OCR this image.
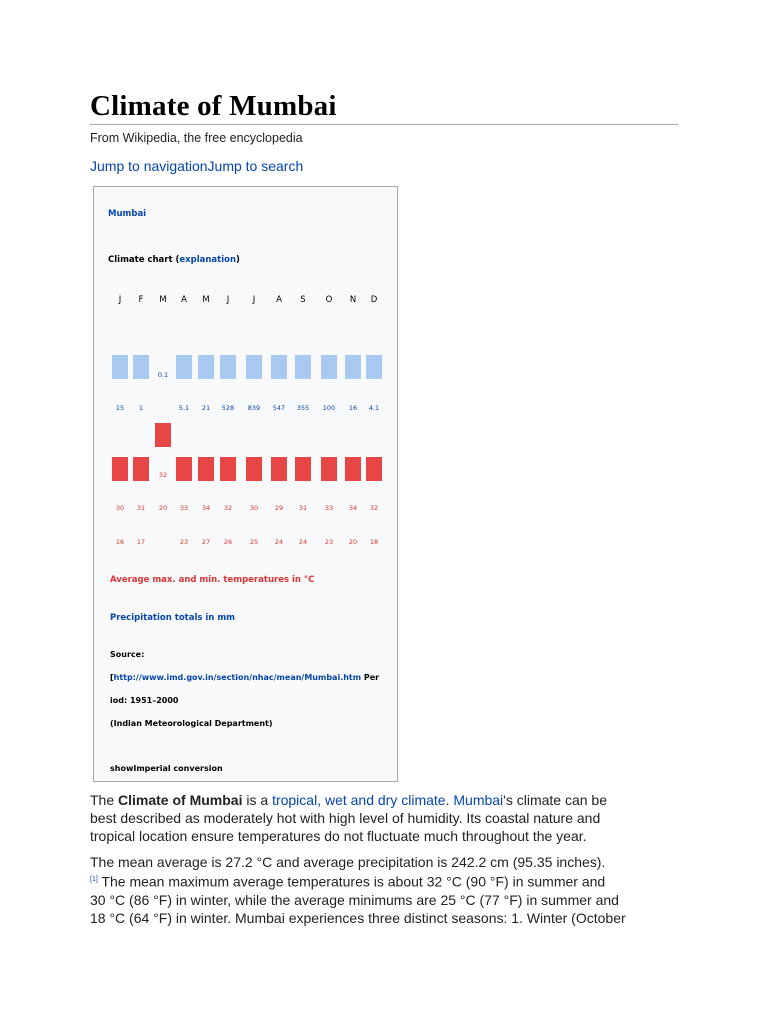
Climate of Mumbai
From Wikipedia, the free encyclopedia
Jump to navigationJump to search
Mumbai
Climate chart (explanation)
J
15
30
16
F
1
31
17
M
0.1
32
20
A
5.1
33
23
M
21
34
27
J
528
32
26
J
839
30
25
A
547
29
24
S
355
31
24
O
100
33
23
N
16
34
20
D
4.1
32
18
Average max. and min. temperatures in °C
Precipitation totals in mm
Source:
[http://www.imd.gov.in/section/nhac/mean/Mumbai.htm Per
iod: 1951–2000
(Indian Meteorological Department)
showImperial conversion
The Climate of Mumbai is a tropical, wet and dry climate. Mumbai's climate can be
best described as moderately hot with high level of humidity. Its coastal nature and
tropical location ensure temperatures do not fluctuate much throughout the year.
The mean average is 27.2 °C and average precipitation is 242.2 cm (95.35 inches).
[1] The mean maximum average temperatures is about 32 °C (90 °F) in summer and
30 °C (86 °F) in winter, while the average minimums are 25 °C (77 °F) in summer and
18 °C (64 °F) in winter. Mumbai experiences three distinct seasons: 1. Winter (October
